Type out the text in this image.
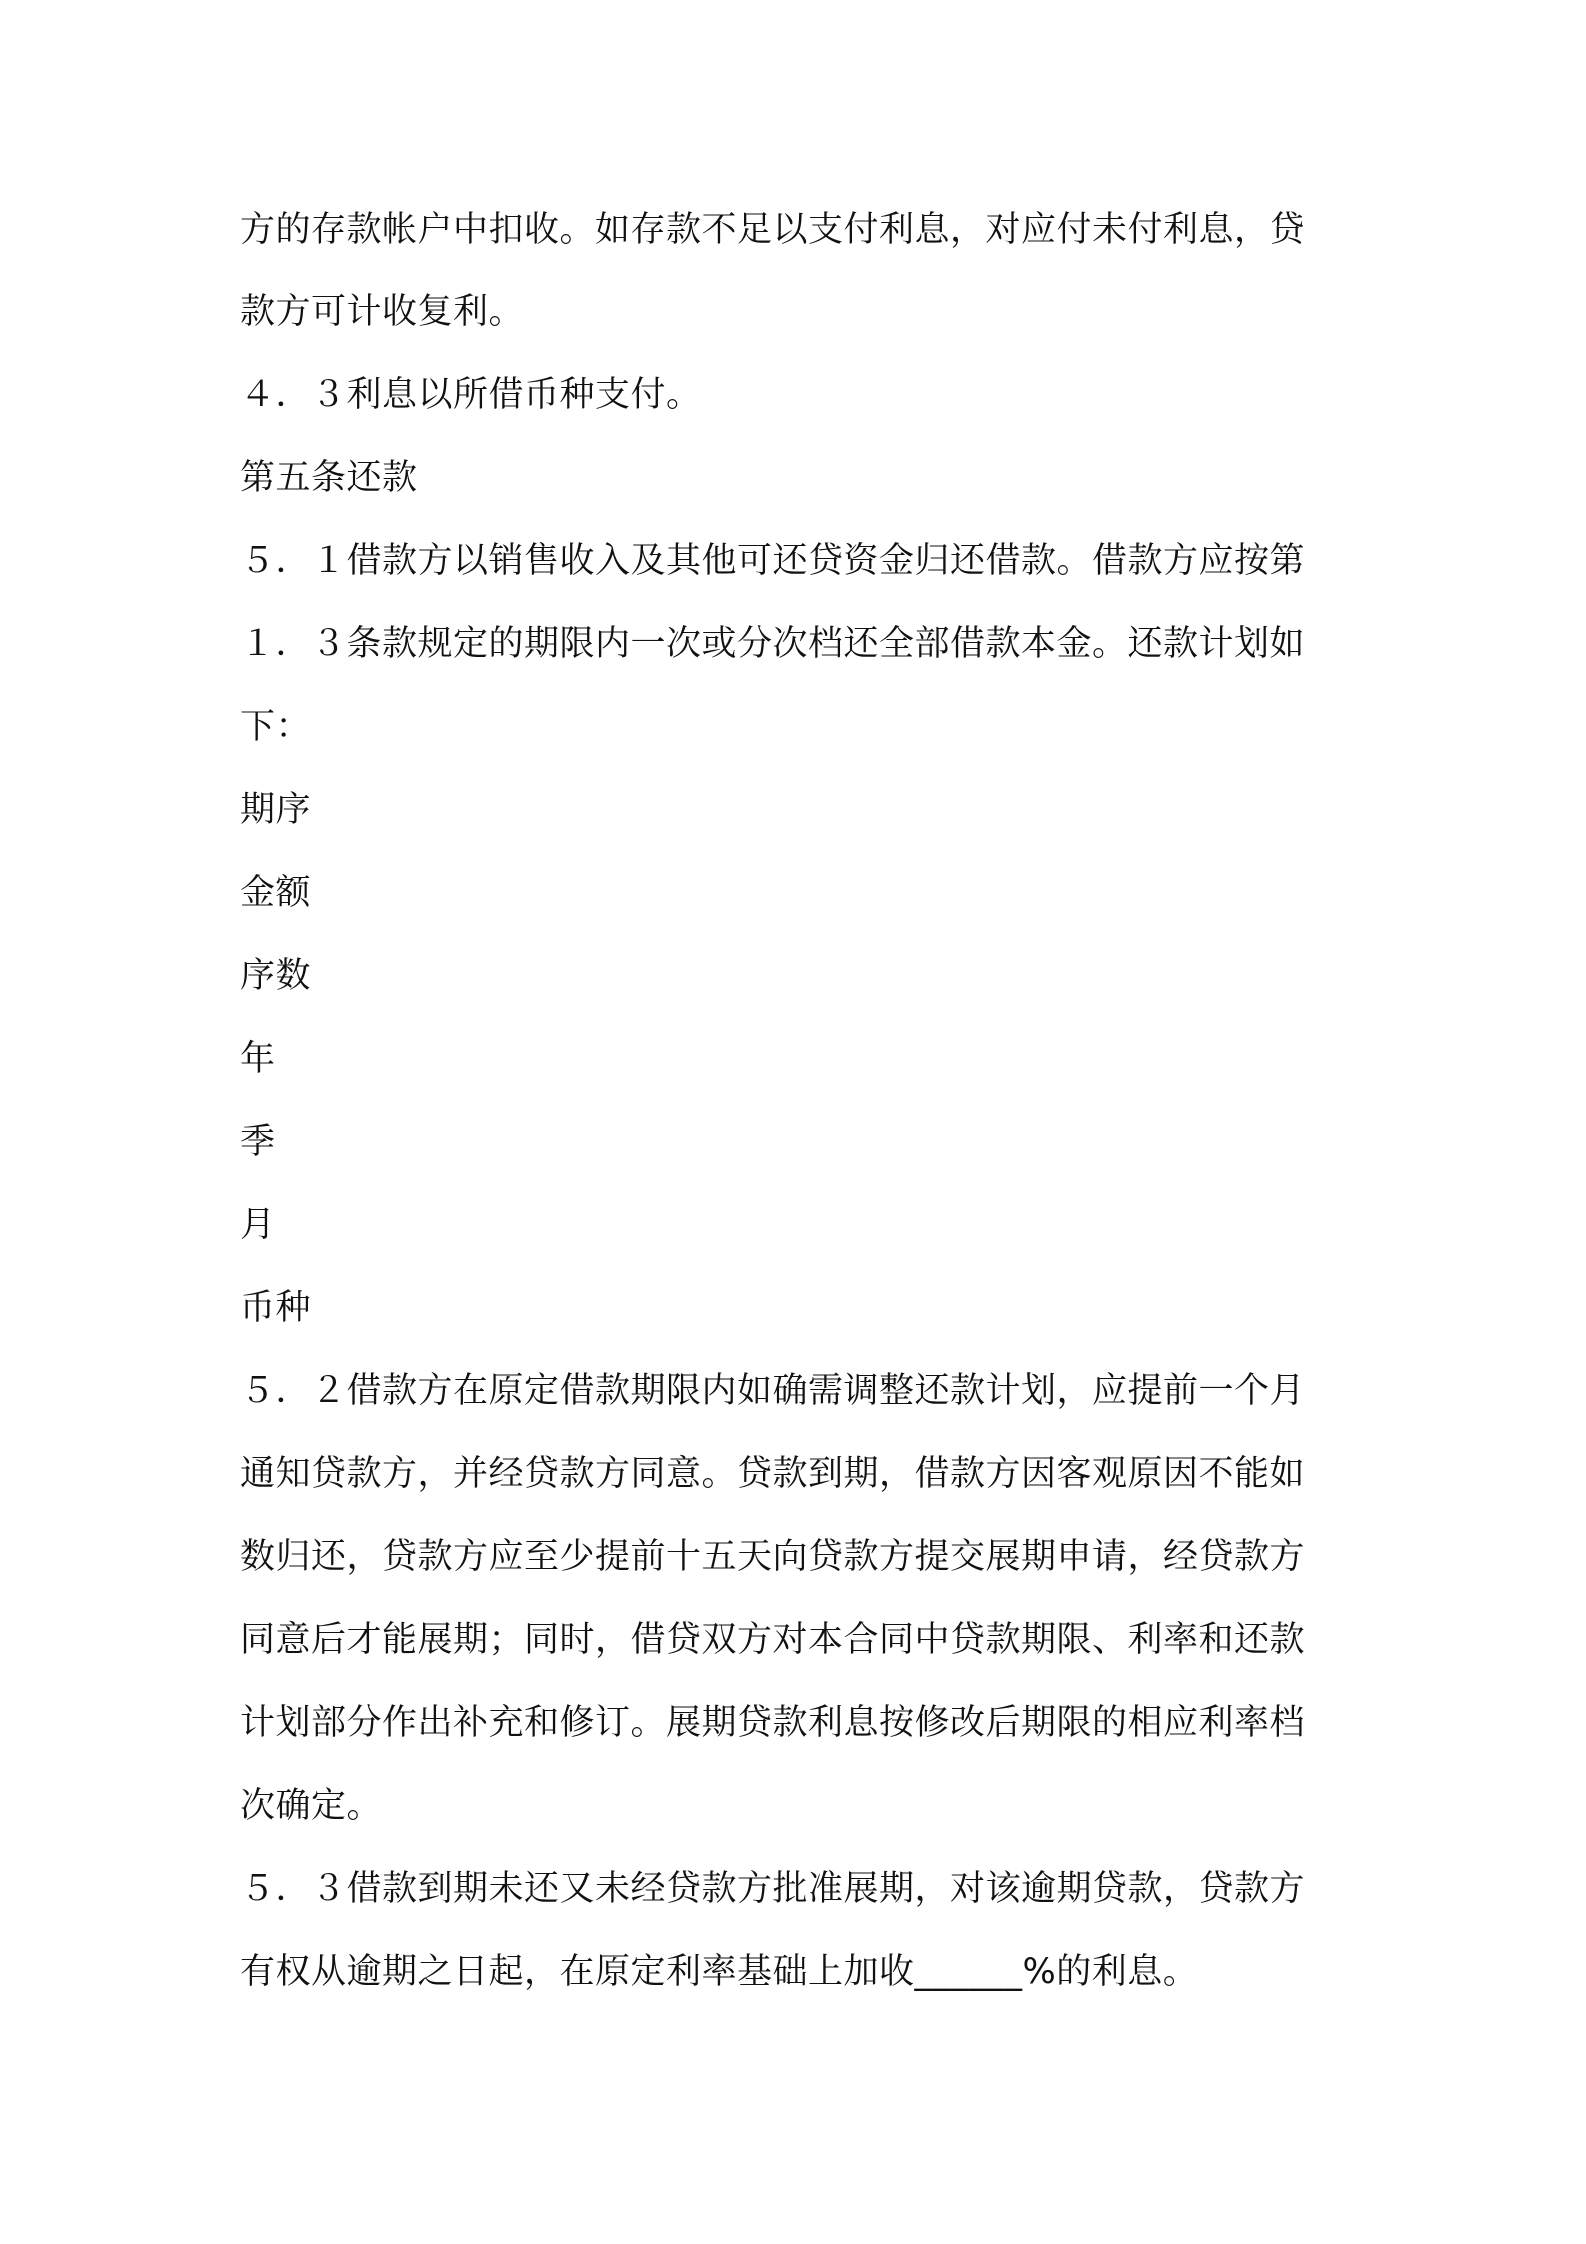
方的存款帐户中扣收。如存款不足以支付利息，对应付未付利息，贷
款方可计收复利。
４．３利息以所借币种支付。
第五条还款
５．１借款方以销售收入及其他可还贷资金归还借款。借款方应按第
１．３条款规定的期限内一次或分次档还全部借款本金。还款计划如
下：
期序
金额
序数
年
季
月
币种
５．２借款方在原定借款期限内如确需调整还款计划，应提前一个月
通知贷款方，并经贷款方同意。贷款到期，借款方因客观原因不能如
数归还，贷款方应至少提前十五天向贷款方提交展期申请，经贷款方
同意后才能展期；同时，借贷双方对本合同中贷款期限、利率和还款
计划部分作出补充和修订。展期贷款利息按修改后期限的相应利率档
次确定。
５．３借款到期未还又未经贷款方批准展期，对该逾期贷款，贷款方
有权从逾期之日起，在原定利率基础上加收______%的利息。
